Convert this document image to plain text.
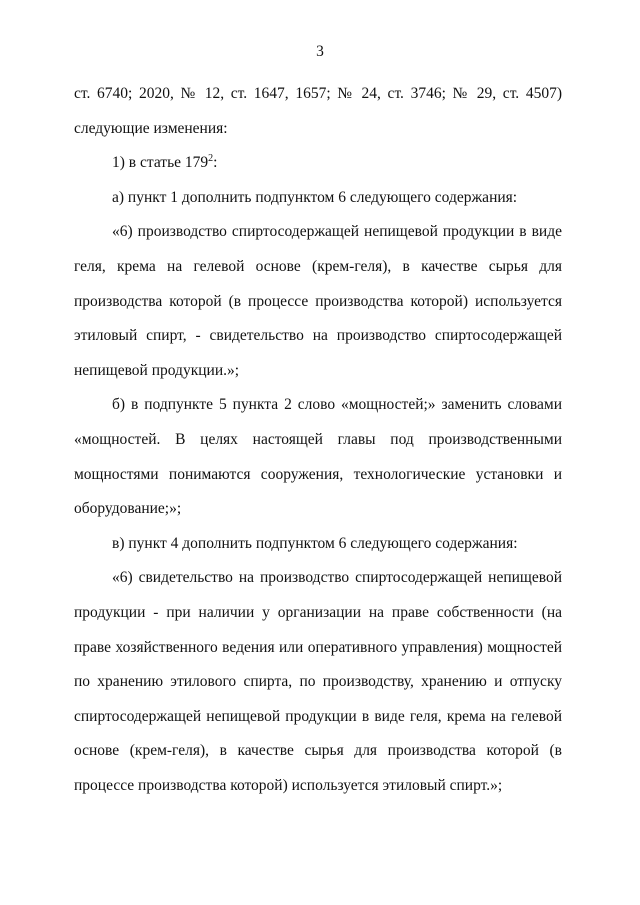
3

ст. 6740; 2020, № 12, ст. 1647, 1657; № 24, ст. 3746; № 29, ст. 4507) следующие изменения:

1) в статье $179^2$:

а) пункт 1 дополнить подпунктом 6 следующего содержания:

«6) производство спиртосодержащей непищевой продукции в виде геля, крема на гелевой основе (крем-геля), в качестве сырья для производства которой (в процессе производства которой) используется этиловый спирт, - свидетельство на производство спиртосодержащей непищевой продукции.»;

б) в подпункте 5 пункта 2 слово «мощностей;» заменить словами «мощностей. В целях настоящей главы под производственными мощностями понимаются сооружения, технологические установки и оборудование;»;

в) пункт 4 дополнить подпунктом 6 следующего содержания:

«6) свидетельство на производство спиртосодержащей непищевой продукции - при наличии у организации на праве собственности (на праве хозяйственного ведения или оперативного управления) мощностей по хранению этилового спирта, по производству, хранению и отпуску спиртосодержащей непищевой продукции в виде геля, крема на гелевой основе (крем-геля), в качестве сырья для производства которой (в процессе производства которой) используется этиловый спирт.»;
